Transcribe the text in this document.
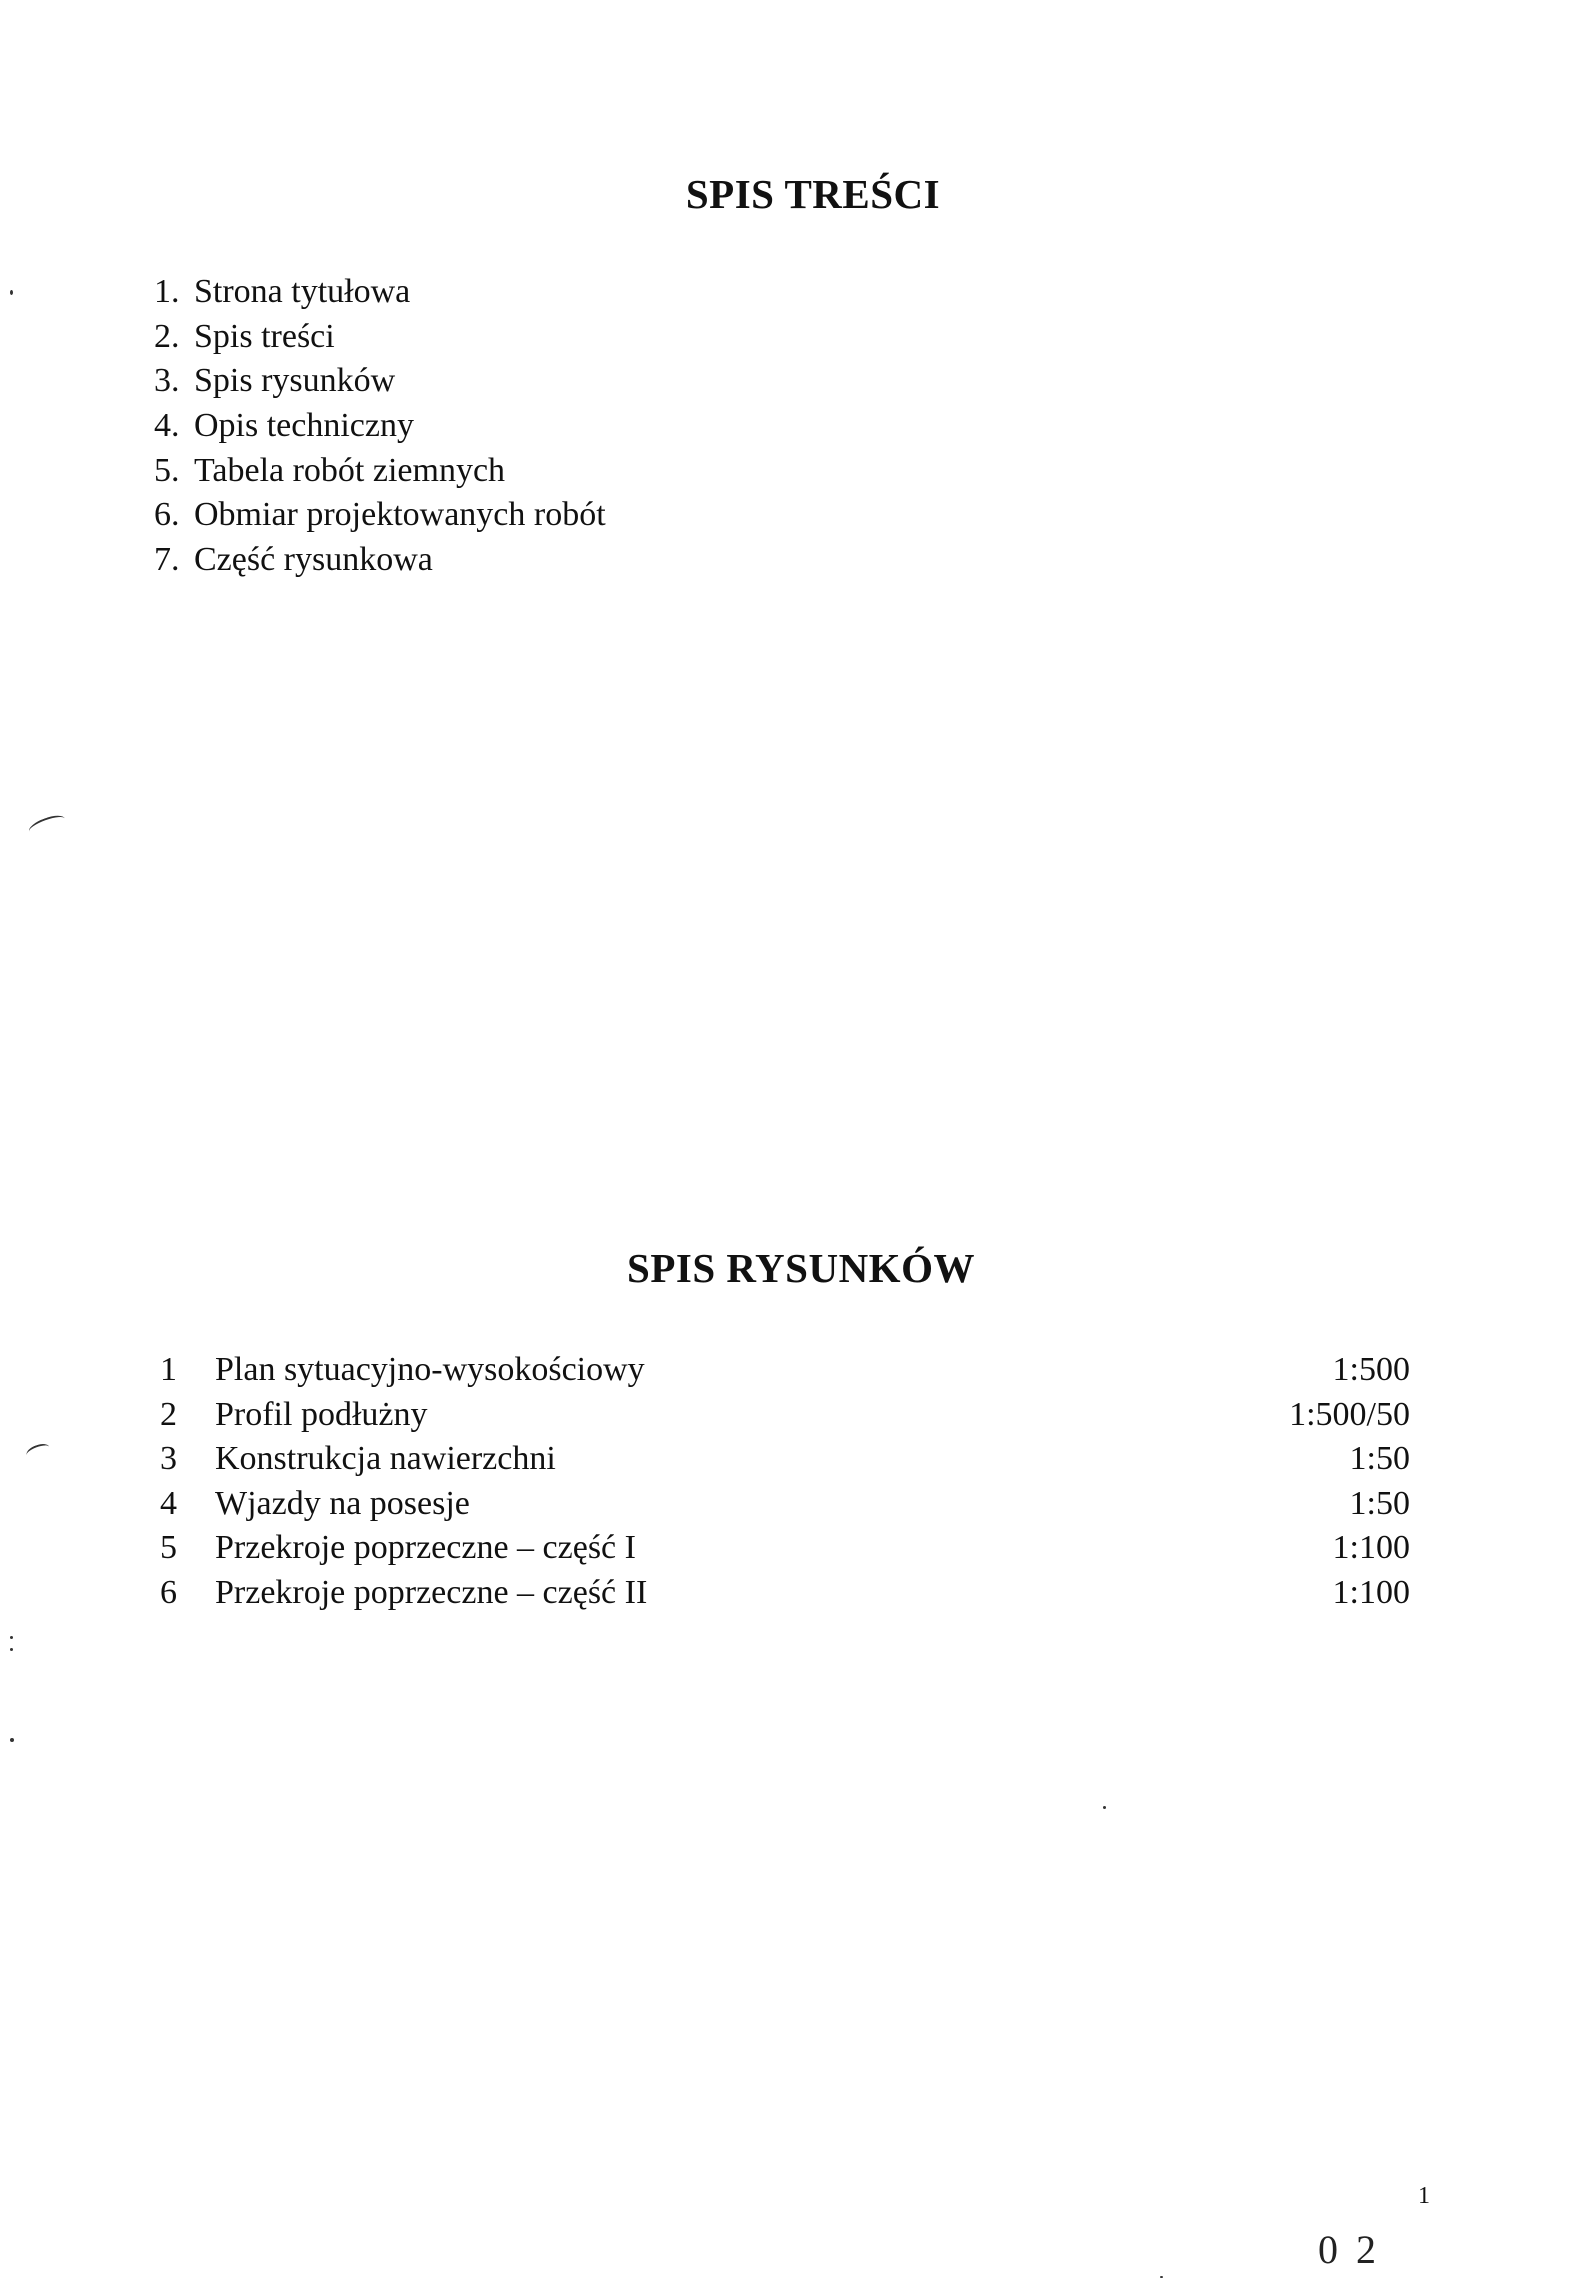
SPIS TREŚCI
1. Strona tytułowa
2. Spis treści
3. Spis rysunków
4. Opis techniczny
5. Tabela robót ziemnych
6. Obmiar projektowanych robót
7. Część rysunkowa
SPIS RYSUNKÓW
1	Plan sytuacyjno-wysokościowy	1:500
2	Profil podłużny	1:500/50
3	Konstrukcja nawierzchni	1:50
4	Wjazdy na posesje	1:50
5	Przekroje poprzeczne – część I	1:100
6	Przekroje poprzeczne – część II	1:100
1
0 2
